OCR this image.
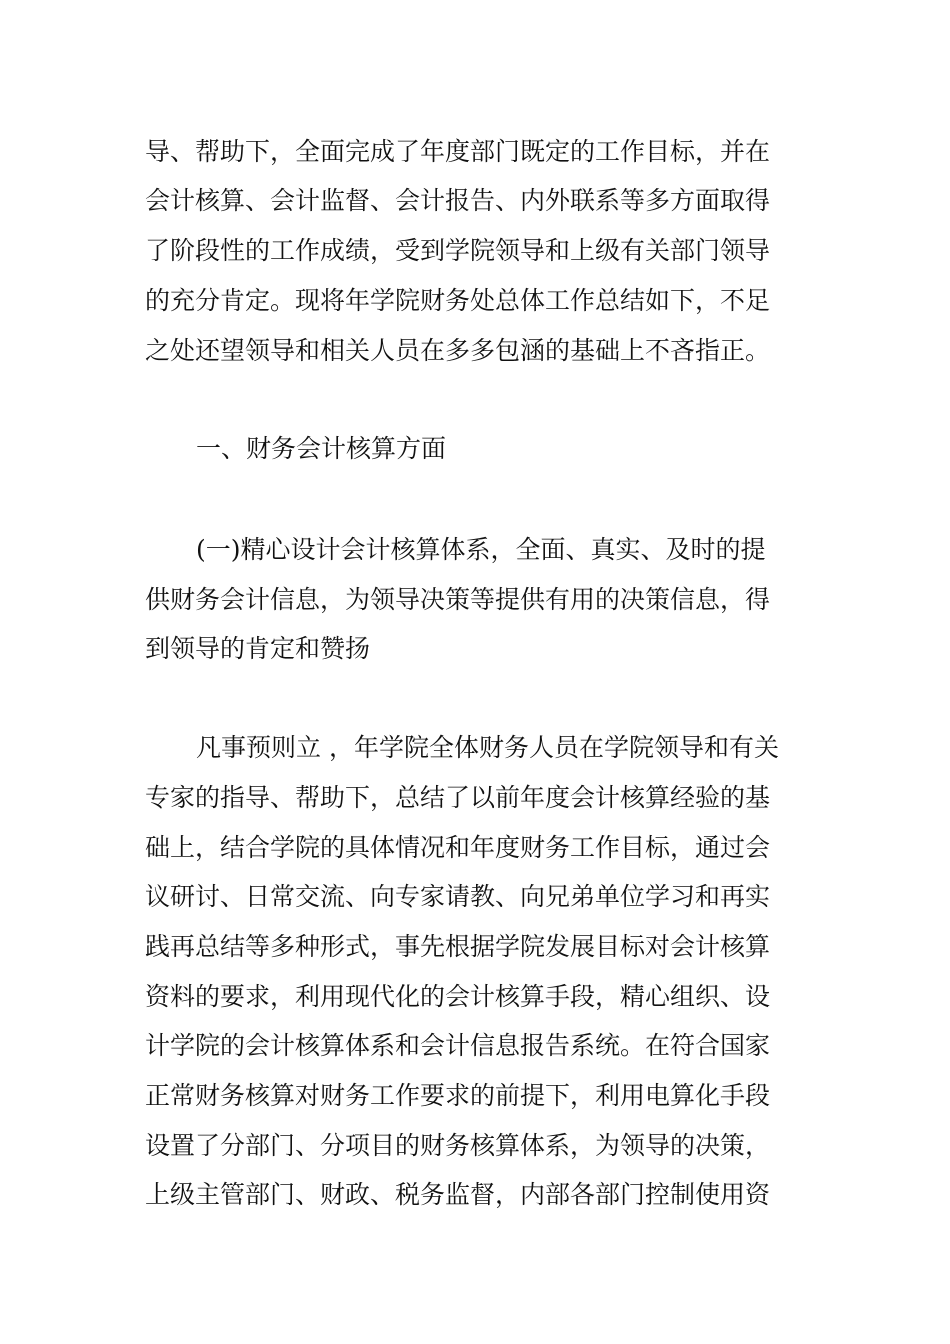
导、帮助下，全面完成了年度部门既定的工作目标，并在
会计核算、会计监督、会计报告、内外联系等多方面取得
了阶段性的工作成绩，受到学院领导和上级有关部门领导
的充分肯定。现将年学院财务处总体工作总结如下，不足
之处还望领导和相关人员在多多包涵的基础上不吝指正。
一、财务会计核算方面
(一)精心设计会计核算体系，全面、真实、及时的提
供财务会计信息，为领导决策等提供有用的决策信息，得
到领导的肯定和赞扬
凡事预则立 ，年学院全体财务人员在学院领导和有关
专家的指导、帮助下，总结了以前年度会计核算经验的基
础上，结合学院的具体情况和年度财务工作目标，通过会
议研讨、日常交流、向专家请教、向兄弟单位学习和再实
践再总结等多种形式，事先根据学院发展目标对会计核算
资料的要求，利用现代化的会计核算手段，精心组织、设
计学院的会计核算体系和会计信息报告系统。在符合国家
正常财务核算对财务工作要求的前提下，利用电算化手段
设置了分部门、分项目的财务核算体系，为领导的决策，
上级主管部门、财政、税务监督，内部各部门控制使用资
